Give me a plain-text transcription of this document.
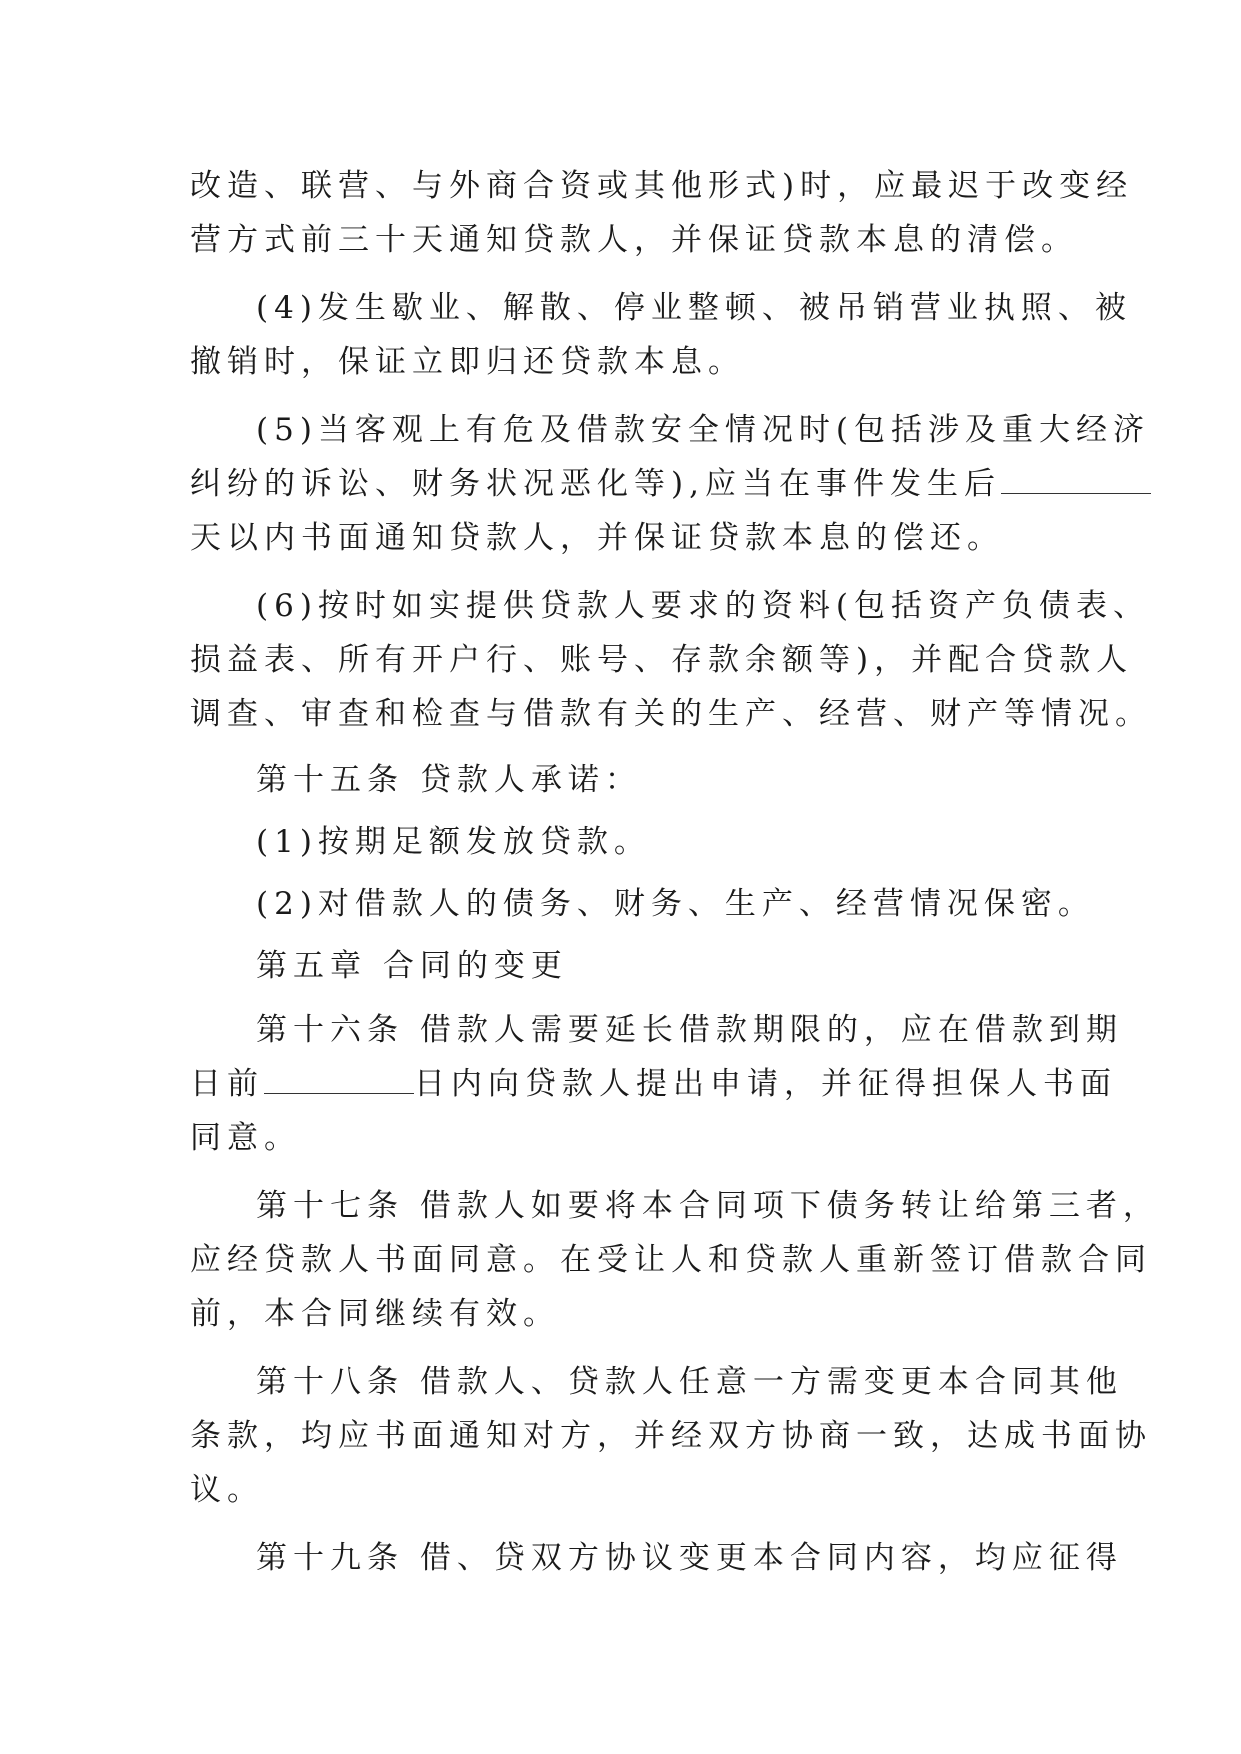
改造、联营、与外商合资或其他形式)时，应最迟于改变经
营方式前三十天通知贷款人，并保证贷款本息的清偿。
(4)发生歇业、解散、停业整顿、被吊销营业执照、被
撤销时，保证立即归还贷款本息。
(5)当客观上有危及借款安全情况时(包括涉及重大经济
纠纷的诉讼、财务状况恶化等),应当在事件发生后
天以内书面通知贷款人，并保证贷款本息的偿还。
(6)按时如实提供贷款人要求的资料(包括资产负债表、
损益表、所有开户行、账号、存款余额等)，并配合贷款人
调查、审查和检查与借款有关的生产、经营、财产等情况。
第十五条 贷款人承诺：
(1)按期足额发放贷款。
(2)对借款人的债务、财务、生产、经营情况保密。
第五章 合同的变更
第十六条 借款人需要延长借款期限的，应在借款到期
日前	日内向贷款人提出申请，并征得担保人书面
同意。
第十七条 借款人如要将本合同项下债务转让给第三者，
应经贷款人书面同意。在受让人和贷款人重新签订借款合同
前，本合同继续有效。
第十八条 借款人、贷款人任意一方需变更本合同其他
条款，均应书面通知对方，并经双方协商一致，达成书面协
议。
第十九条 借、贷双方协议变更本合同内容，均应征得
